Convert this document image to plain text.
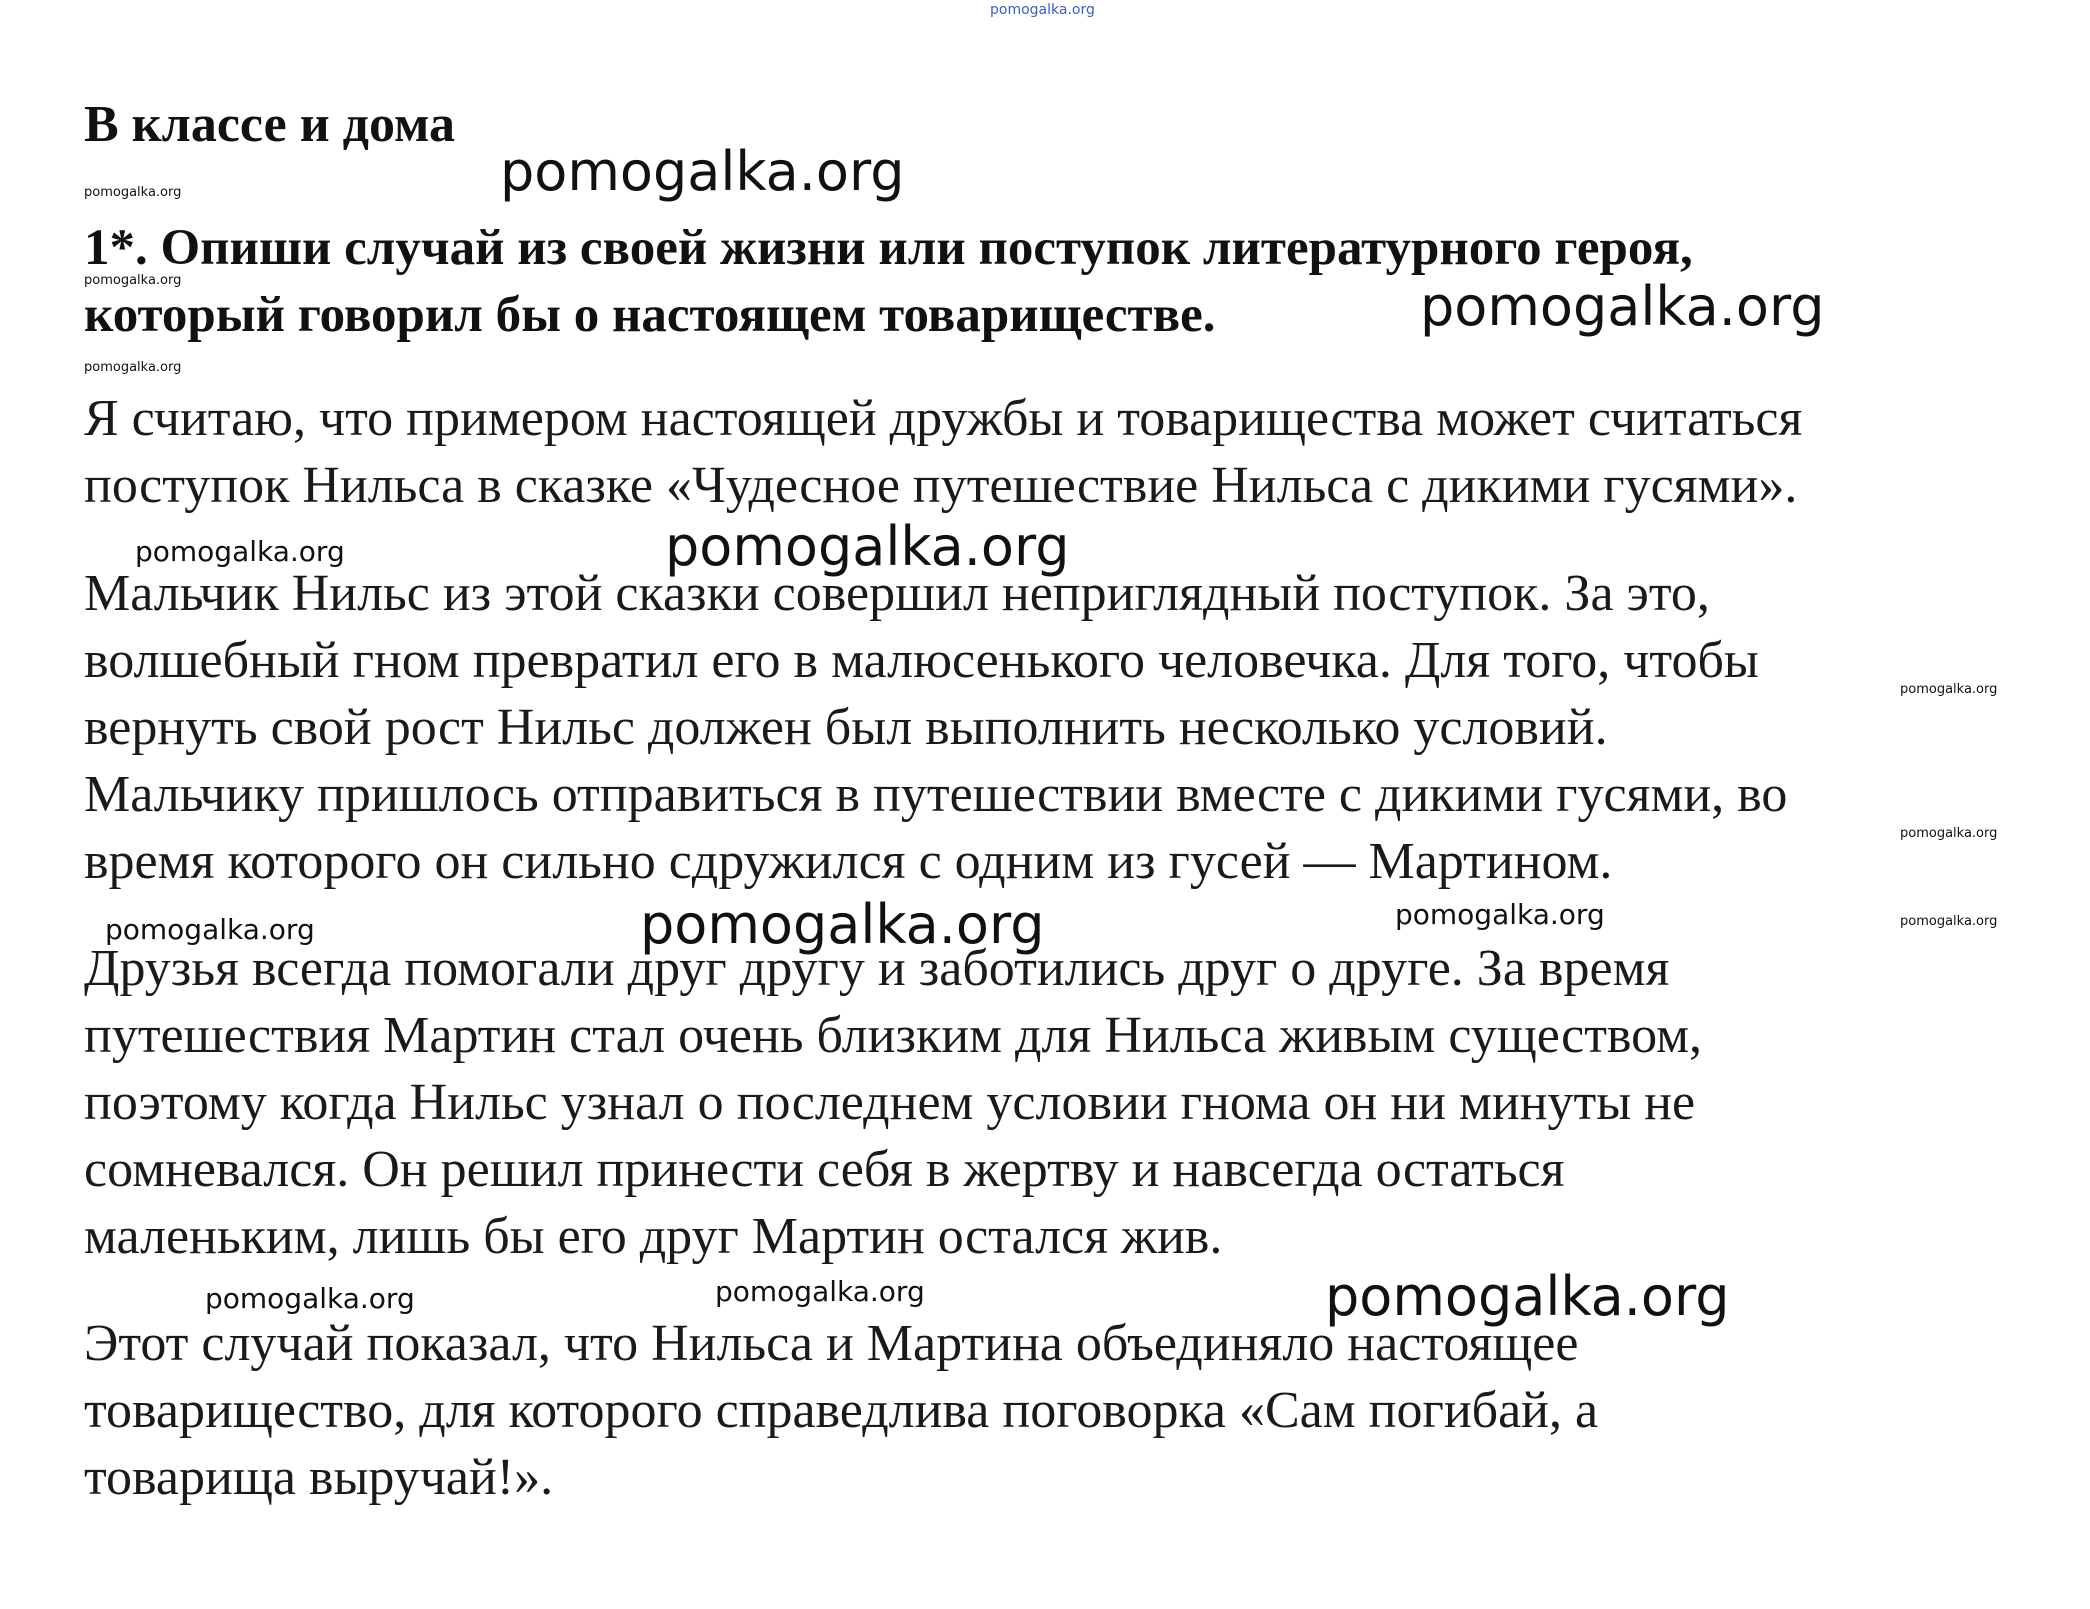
pomogalka.org
В классе и дома
pomogalka.org
pomogalka.org
1*. Опиши случай из своей жизни или поступок литературного героя,
который говорил бы о настоящем товариществе.
pomogalka.org	pomogalka.org
pomogalka.org

Я считаю, что примером настоящей дружбы и товарищества может считаться
поступок Нильса в сказке «Чудесное путешествие Нильса с дикими гусями».

pomogalka.org	pomogalka.org

Мальчик Нильс из этой сказки совершил неприглядный поступок. За это,
волшебный гном превратил его в малюсенького человечка. Для того, чтобы
вернуть свой рост Нильс должен был выполнить несколько условий.
Мальчику пришлось отправиться в путешествии вместе с дикими гусями, во
время которого он сильно сдружился с одним из гусей — Мартином.

pomogalka.org
pomogalka.org
pomogalka.org
pomogalka.org	pomogalka.org	pomogalka.org

Друзья всегда помогали друг другу и заботились друг о друге. За время
путешествия Мартин стал очень близким для Нильса живым существом,
поэтому когда Нильс узнал о последнем условии гнома он ни минуты не
сомневался. Он решил принести себя в жертву и навсегда остаться
маленьким, лишь бы его друг Мартин остался жив.

pomogalka.org	pomogalka.org	pomogalka.org

Этот случай показал, что Нильса и Мартина объединяло настоящее
товарищество, для которого справедлива поговорка «Сам погибай, а
товарища выручай!».
